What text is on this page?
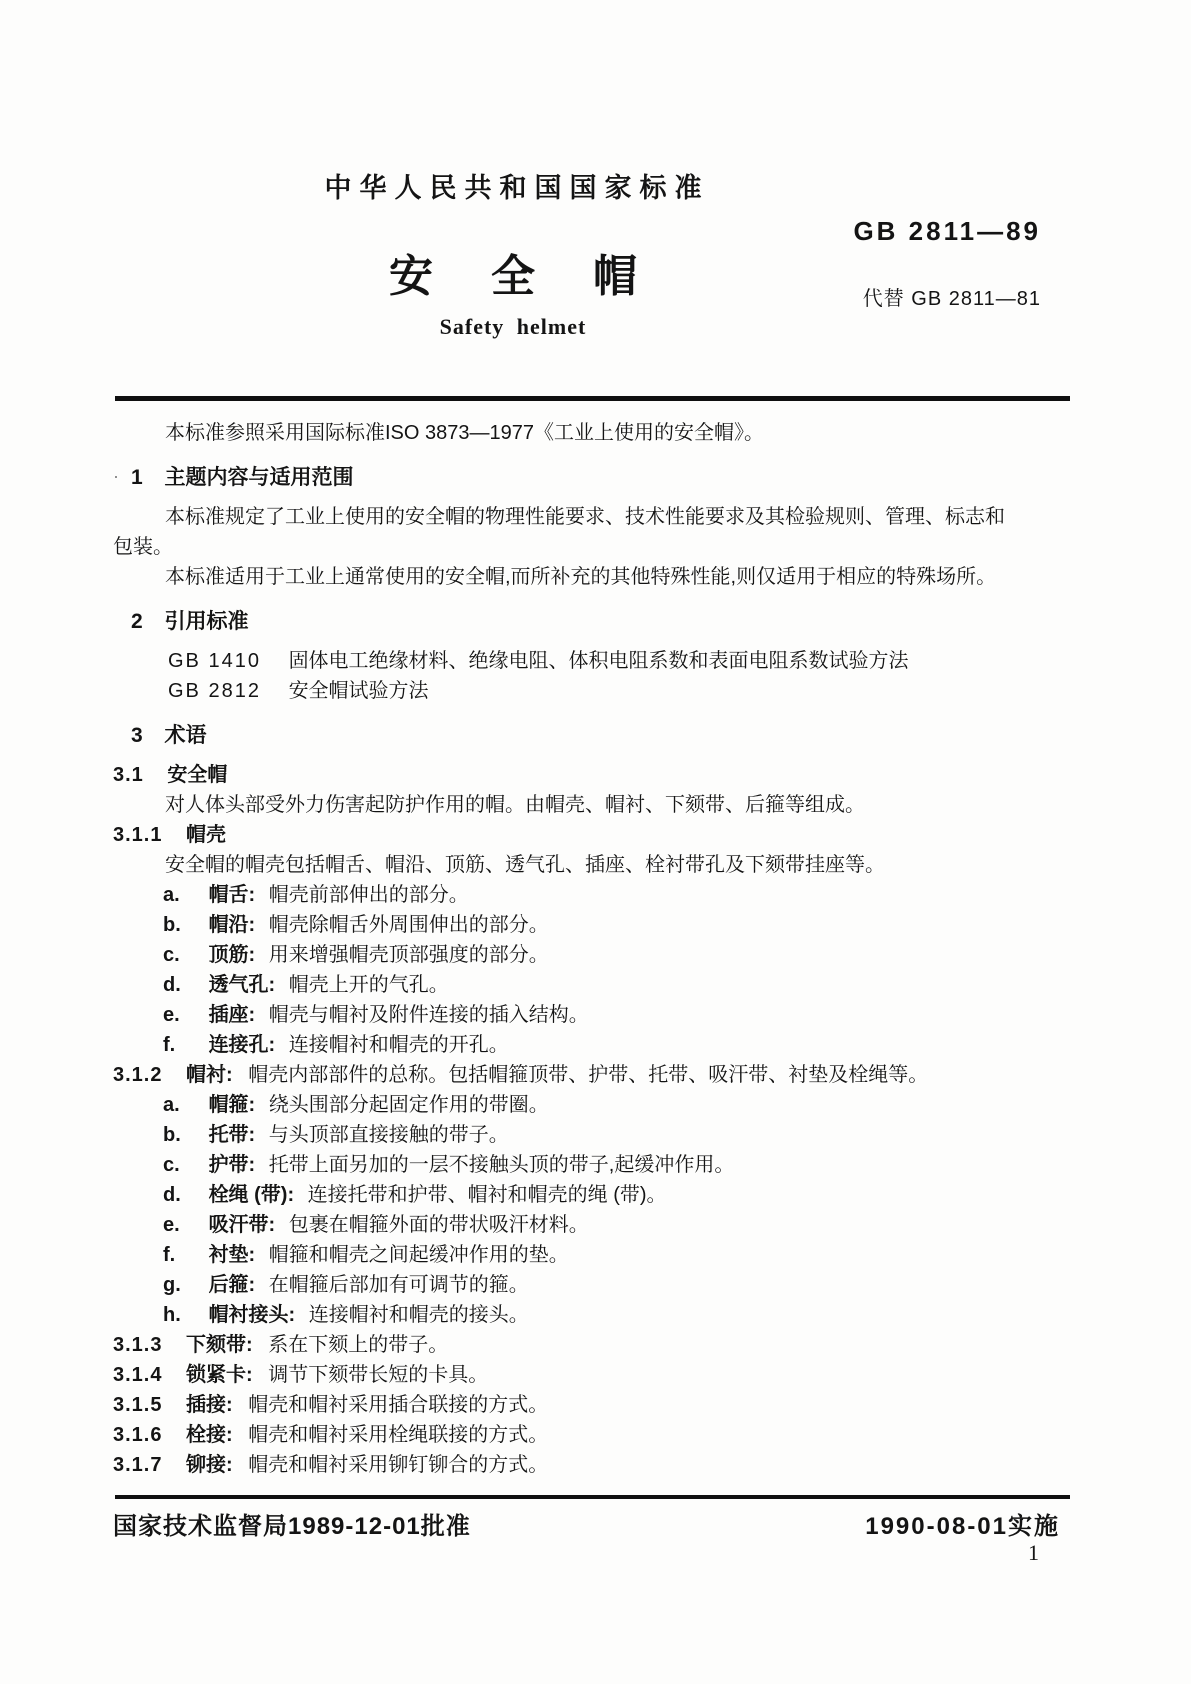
中华人民共和国国家标准
GB 2811—89
安全帽	代替 GB 2811—81
Safety helmet
本标准参照采用国际标准ISO 3873—1977《工业上使用的安全帽》。
· 1 主题内容与适用范围
本标准规定了工业上使用的安全帽的物理性能要求、技术性能要求及其检验规则、管理、标志和
包装。
本标准适用于工业上通常使用的安全帽,而所补充的其他特殊性能,则仅适用于相应的特殊场所。
2 引用标准
GB 1410 固体电工绝缘材料、绝缘电阻、体积电阻系数和表面电阻系数试验方法
GB 2812 安全帽试验方法
3 术语
3.1 安全帽
对人体头部受外力伤害起防护作用的帽。由帽壳、帽衬、下颏带、后箍等组成。
3.1.1 帽壳
安全帽的帽壳包括帽舌、帽沿、顶筋、透气孔、插座、栓衬带孔及下颏带挂座等。
a. 帽舌: 帽壳前部伸出的部分。
b. 帽沿: 帽壳除帽舌外周围伸出的部分。
c. 顶筋: 用来增强帽壳顶部强度的部分。
d. 透气孔: 帽壳上开的气孔。
e. 插座: 帽壳与帽衬及附件连接的插入结构。
f. 连接孔: 连接帽衬和帽壳的开孔。
3.1.2 帽衬: 帽壳内部部件的总称。包括帽箍顶带、护带、托带、吸汗带、衬垫及栓绳等。
a. 帽箍: 绕头围部分起固定作用的带圈。
b. 托带: 与头顶部直接接触的带子。
c. 护带: 托带上面另加的一层不接触头顶的带子,起缓冲作用。
d. 栓绳 (带): 连接托带和护带、帽衬和帽壳的绳 (带)。
e. 吸汗带: 包裹在帽箍外面的带状吸汗材料。
f. 衬垫: 帽箍和帽壳之间起缓冲作用的垫。
g. 后箍: 在帽箍后部加有可调节的箍。
h. 帽衬接头: 连接帽衬和帽壳的接头。
3.1.3 下颏带: 系在下颏上的带子。
3.1.4 锁紧卡: 调节下颏带长短的卡具。
3.1.5 插接: 帽壳和帽衬采用插合联接的方式。
3.1.6 栓接: 帽壳和帽衬采用栓绳联接的方式。
3.1.7 铆接: 帽壳和帽衬采用铆钉铆合的方式。
国家技术监督局1989-12-01批准	1990-08-01实施
1
